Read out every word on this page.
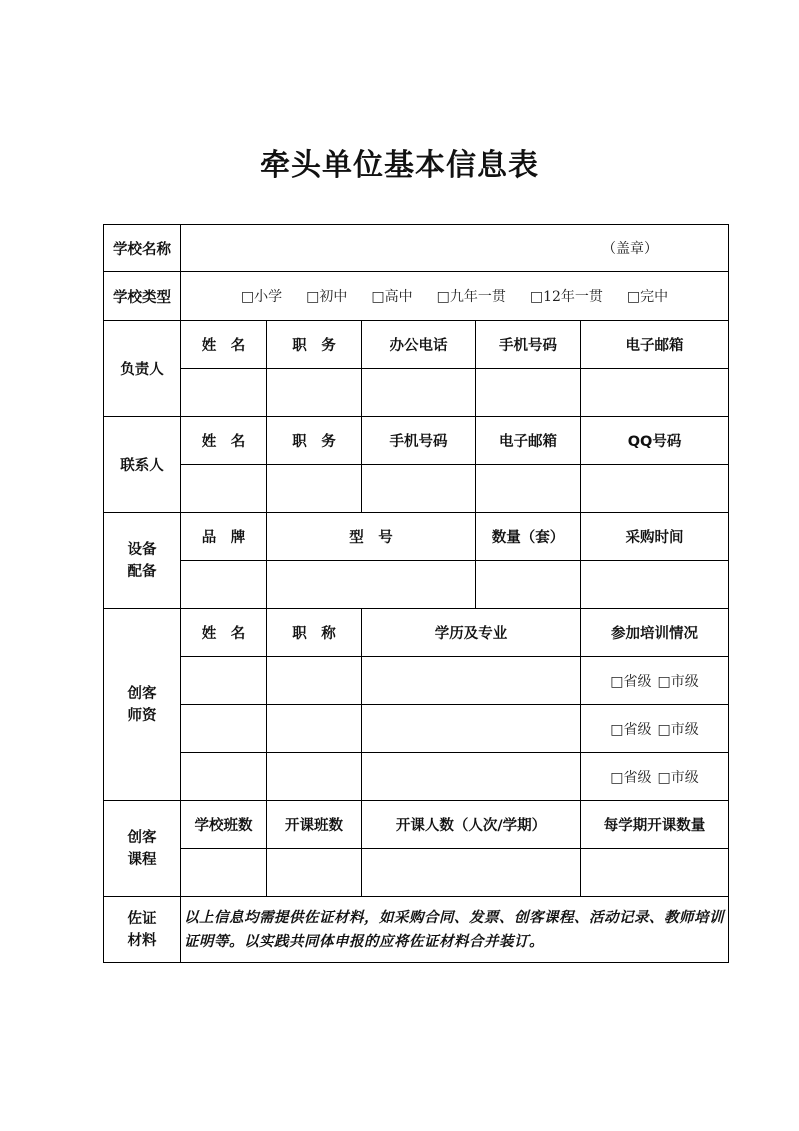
牵头单位基本信息表
学校名称	（盖章）				
学校类型	□小学 □初中 □高中 □九年一贯 □12年一贯 □完中				
负责人	姓　名	职　务	办公电话	手机号码	电子邮箱

联系人	姓　名	职　务	手机号码	电子邮箱	QQ号码

设备
配备	品　牌	型　号		数量（套）	采购时间

创客
师资	姓　名	职　称	学历及专业		参加培训情况
					□省级 □市级
					□省级 □市级
					□省级 □市级

创客
课程	学校班数	开课班数	开课人数（人次/学期）		每学期开课数量

佐证
材料	以上信息均需提供佐证材料，如采购合同、发票、创客课程、活动记录、教师培训证明等。以实践共同体申报的应将佐证材料合并装订。				
